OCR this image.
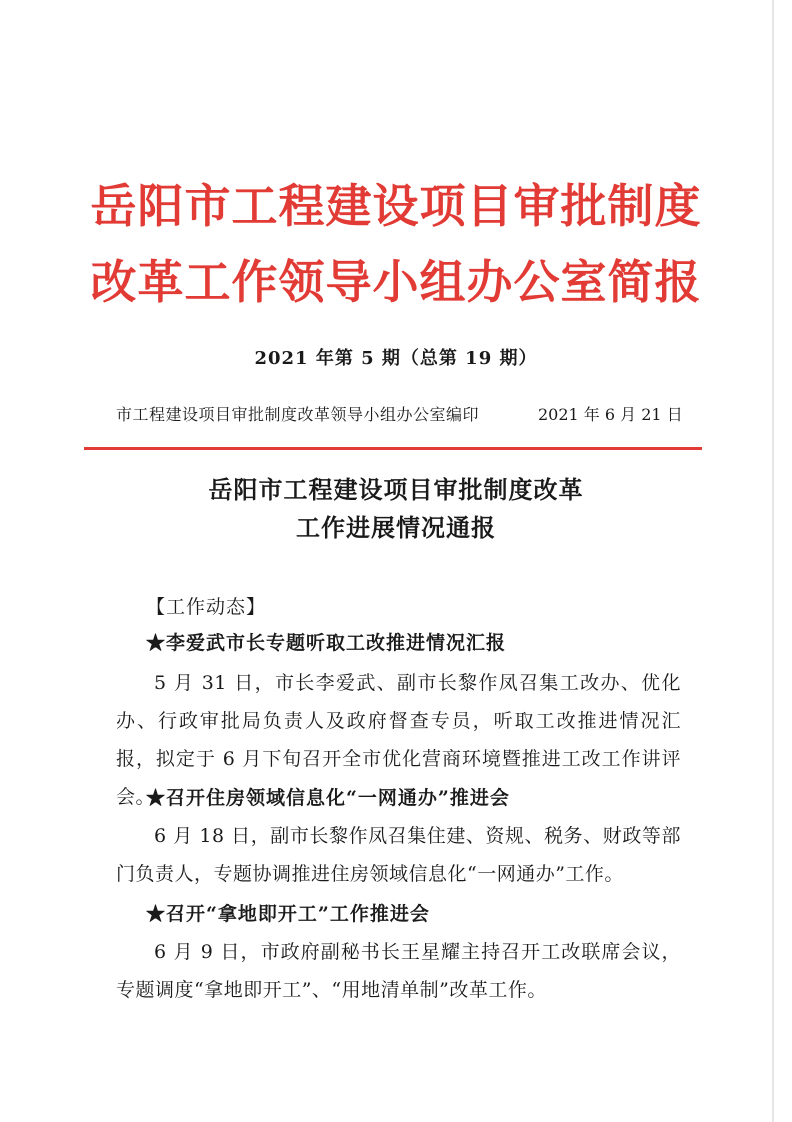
岳阳市工程建设项目审批制度
改革工作领导小组办公室简报
2021 年第 5 期（总第 19 期）
市工程建设项目审批制度改革领导小组办公室编印	2021 年 6 月 21 日
岳阳市工程建设项目审批制度改革
工作进展情况通报
【工作动态】
★李爱武市长专题听取工改推进情况汇报
5 月 31 日，市长李爱武、副市长黎作凤召集工改办、优化办、行政审批局负责人及政府督查专员，听取工改推进情况汇报，拟定于 6 月下旬召开全市优化营商环境暨推进工改工作讲评会。
★召开住房领域信息化“一网通办”推进会
6 月 18 日，副市长黎作凤召集住建、资规、税务、财政等部门负责人，专题协调推进住房领域信息化“一网通办”工作。
★召开“拿地即开工”工作推进会
6 月 9 日，市政府副秘书长王星耀主持召开工改联席会议，专题调度“拿地即开工”、“用地清单制”改革工作。
